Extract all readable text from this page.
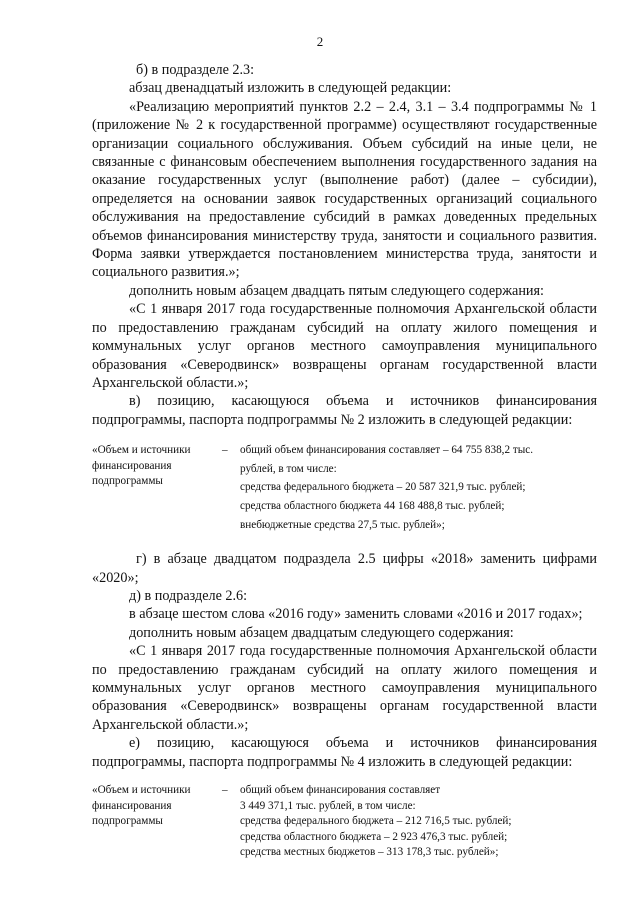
2

б) в подразделе 2.3:

абзац двенадцатый изложить в следующей редакции:

«Реализацию мероприятий пунктов 2.2 – 2.4, 3.1 – 3.4 подпрограммы № 1 (приложение № 2 к государственной программе) осуществляют государственные организации социального обслуживания. Объем субсидий на иные цели, не связанные с финансовым обеспечением выполнения государственного задания на оказание государственных услуг (выполнение работ) (далее – субсидии), определяется на основании заявок государственных организаций социального обслуживания на предоставление субсидий в рамках доведенных предельных объемов финансирования министерству труда, занятости и социального развития. Форма заявки утверждается постановлением министерства труда, занятости и социального развития.»;

дополнить новым абзацем двадцать пятым следующего содержания:

«С 1 января 2017 года государственные полномочия Архангельской области по предоставлению гражданам субсидий на оплату жилого помещения и коммунальных услуг органов местного самоуправления муниципального образования «Северодвинск» возвращены органам государственной власти Архангельской области.»;

в) позицию, касающуюся объема и источников финансирования подпрограммы, паспорта подпрограммы № 2 изложить в следующей редакции:

«Объем и источники
финансирования
подпрограммы
–	общий объем финансирования составляет – 64 755 838,2 тыс.
рублей, в том числе:
средства федерального бюджета – 20 587 321,9 тыс. рублей;
средства областного бюджета 44 168 488,8 тыс. рублей;
внебюджетные средства 27,5 тыс. рублей»;

г) в абзаце двадцатом подраздела 2.5 цифры «2018» заменить цифрами «2020»;

д) в подразделе 2.6:

в абзаце шестом слова «2016 году» заменить словами «2016 и 2017 годах»;

дополнить новым абзацем двадцатым следующего содержания:

«С 1 января 2017 года государственные полномочия Архангельской области по предоставлению гражданам субсидий на оплату жилого помещения и коммунальных услуг органов местного самоуправления муниципального образования «Северодвинск» возвращены органам государственной власти Архангельской области.»;

е) позицию, касающуюся объема и источников финансирования подпрограммы, паспорта подпрограммы № 4 изложить в следующей редакции:

«Объем и источники
финансирования
подпрограммы
–	общий объем финансирования составляет
3 449 371,1 тыс. рублей, в том числе:
средства федерального бюджета – 212 716,5 тыс. рублей;
средства областного бюджета – 2 923 476,3 тыс. рублей;
средства местных бюджетов – 313 178,3 тыс. рублей»;
